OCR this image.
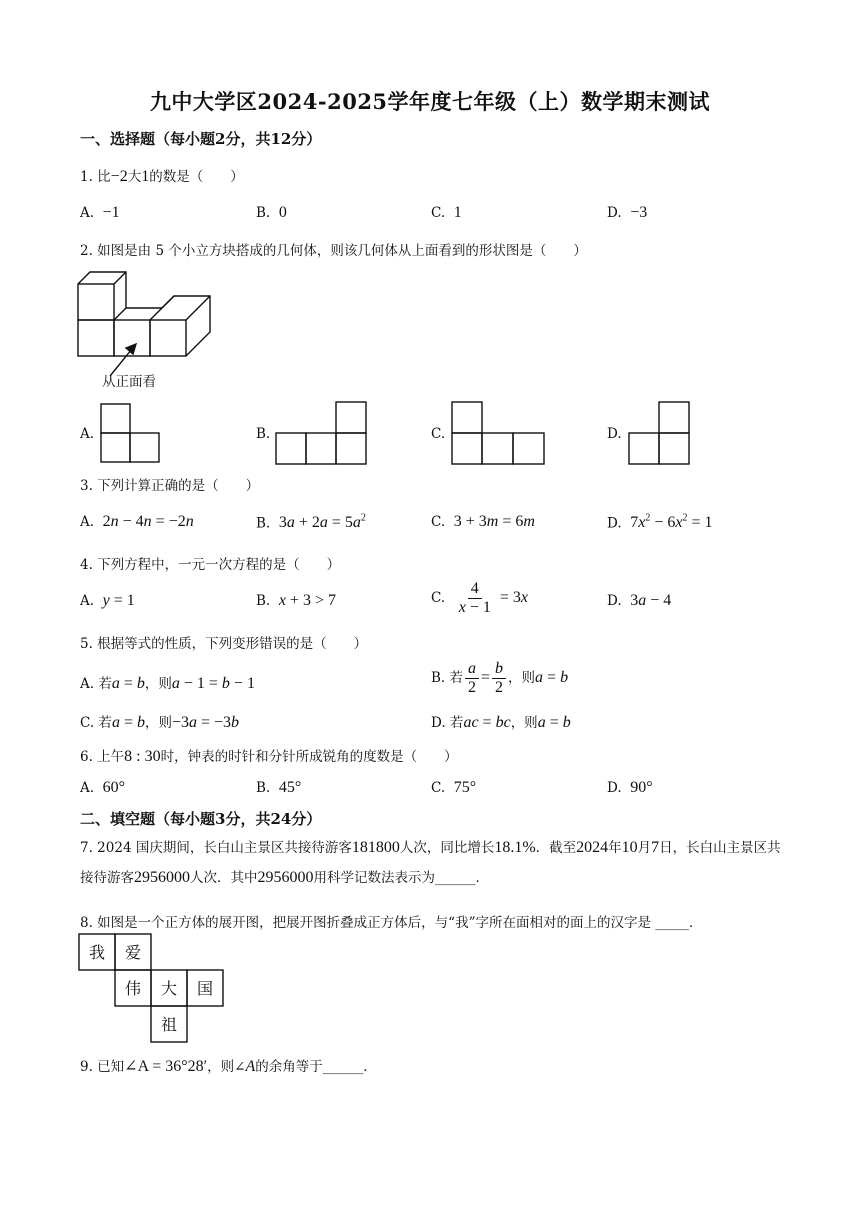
九中大学区2024-2025学年度七年级（上）数学期末测试
一、选择题（每小题2分，共12分）
1. 比−2大1的数是（　　）
A. −1	B. 0	C. 1	D. −3
2. 如图是由 5 个小立方块搭成的几何体，则该几何体从上面看到的形状图是（　　）
从正面看
A.	B.	C.	D.
3. 下列计算正确的是（　　）
A. 2n − 4n = −2n	B. $3a + 2a = 5a^2$	C. 3 + 3m = 6m	D. $7x^2 - 6x^2 = 1$
4. 下列方程中，一元一次方程的是（　　）
A. y = 1	B. x + 3 > 7	C. $\frac{4}{x - 1} = 3x$	D. 3a − 4
5. 根据等式的性质，下列变形错误的是（　　）
A. 若a = b，则a − 1 = b − 1	B. 若 $\frac{a}{2} = \frac{b}{2}$ ，则a = b
C. 若a = b，则−3a = −3b	D. 若ac = bc，则a = b
6. 上午8 : 30时，钟表的时针和分针所成锐角的度数是（　　）
A. 60°	B. 45°	C. 75°	D. 90°
二、填空题（每小题3分，共24分）
7. 2024 国庆期间，长白山主景区共接待游客181800人次，同比增长18.1%．截至2024年10月7日，长白山主景区共接待游客2956000人次．其中2956000用科学记数法表示为______．
8. 如图是一个正方体的展开图，把展开图折叠成正方体后，与“我”字所在面相对的面上的汉字是 _____．
我 爱
伟 大 国
祖
9. 已知∠A = 36°28′，则∠A的余角等于______．
